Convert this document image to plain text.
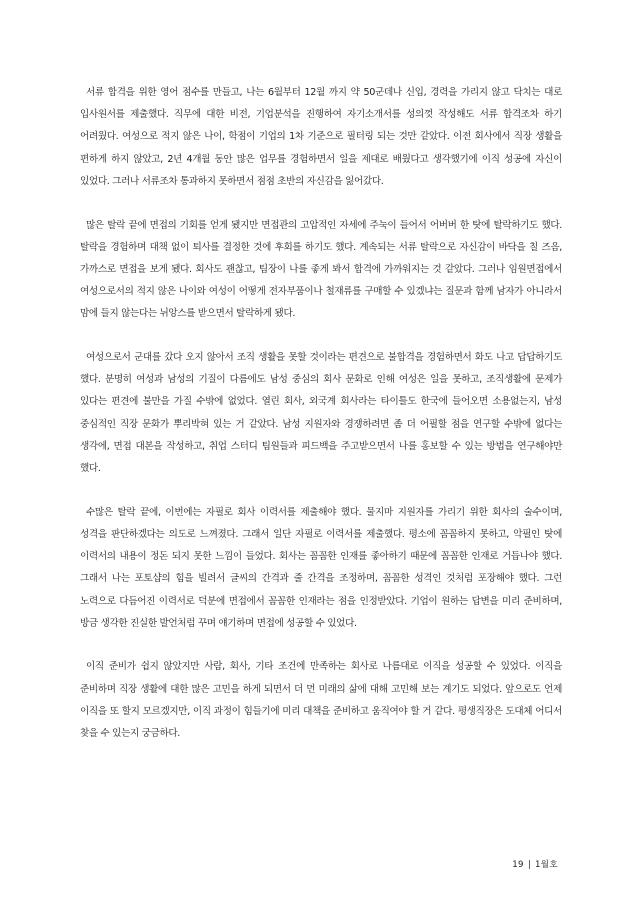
서류 합격을 위한 영어 점수를 만들고, 나는 6월부터 12월 까지 약 50군데나 신입, 경력을 가리지 않고 닥치는 대로 입사원서를 제출했다. 직무에 대한 비전, 기업분석을 진행하여 자기소개서를 성의껏 작성해도 서류 합격조차 하기 어려웠다. 여성으로 적지 않은 나이, 학점이 기업의 1차 기준으로 필터링 되는 것만 같았다. 이전 회사에서 직장 생활을 편하게 하지 않았고, 2년 4개월 동안 많은 업무를 경험하면서 일을 제대로 배웠다고 생각했기에 이직 성공에 자신이 있었다. 그러나 서류조차 통과하지 못하면서 점점 초반의 자신감을 잃어갔다.

많은 탈락 끝에 면접의 기회를 얻게 됐지만 면접관의 고압적인 자세에 주눅이 들어서 어버버 한 탓에 탈락하기도 했다. 탈락을 경험하며 대책 없이 퇴사를 결정한 것에 후회를 하기도 했다. 계속되는 서류 탈락으로 자신감이 바닥을 칠 즈음, 가까스로 면접을 보게 됐다. 회사도 괜찮고, 팀장이 나를 좋게 봐서 합격에 가까워지는 것 같았다. 그러나 임원면접에서 여성으로서의 적지 않은 나이와 여성이 어떻게 전자부품이나 철재류를 구매할 수 있겠냐는 질문과 함께 남자가 아니라서 맘에 들지 않는다는 뉘앙스를 받으면서 탈락하게 됐다.

여성으로서 군대를 갔다 오지 않아서 조직 생활을 못할 것이라는 편견으로 불합격을 경험하면서 화도 나고 답답하기도 했다. 분명히 여성과 남성의 기질이 다름에도 남성 중심의 회사 문화로 인해 여성은 일을 못하고, 조직생활에 문제가 있다는 편견에 불만을 가질 수밖에 없었다. 열린 회사, 외국계 회사라는 타이틀도 한국에 들어오면 소용없는지, 남성 중심적인 직장 문화가 뿌리박혀 있는 거 같았다. 남성 지원자와 경쟁하려면 좀 더 어필할 점을 연구할 수밖에 없다는 생각에, 면접 대본을 작성하고, 취업 스터디 팀원들과 피드백을 주고받으면서 나를 홍보할 수 있는 방법을 연구해야만 했다.

수많은 탈락 끝에, 이번에는 자필로 회사 이력서를 제출해야 했다. 물지마 지원자를 가리기 위한 회사의 술수이며, 성격을 판단하겠다는 의도로 느껴졌다. 그래서 일단 자필로 이력서를 제출했다. 평소에 꼼꼼하지 못하고, 악필인 탓에 이력서의 내용이 정돈 되지 못한 느낌이 들었다. 회사는 꼼꼼한 인재를 좋아하기 때문에 꼼꼼한 인재로 거듭나야 했다. 그래서 나는 포토샵의 힘을 빌려서 글씨의 간격과 줄 간격을 조정하며, 꼼꼼한 성격인 것처럼 포장해야 했다. 그런 노력으로 다듬어진 이력서로 덕분에 면접에서 꼼꼼한 인재라는 점을 인정받았다. 기업이 원하는 답변을 미리 준비하며, 방금 생각한 진실한 발언처럼 꾸며 얘기하며 면접에 성공할 수 있었다.

이직 준비가 쉽지 않았지만 사람, 회사, 기타 조건에 만족하는 회사로 나름대로 이직을 성공할 수 있었다. 이직을 준비하며 직장 생활에 대한 많은 고민을 하게 되면서 더 먼 미래의 삶에 대해 고민해 보는 계기도 되었다. 앞으로도 언제 이직을 또 할지 모르겠지만, 이직 과정이 힘들기에 미리 대책을 준비하고 움직여야 할 거 같다. 평생직장은 도대체 어디서 찾을 수 있는지 궁금하다.

19 | 1월호
